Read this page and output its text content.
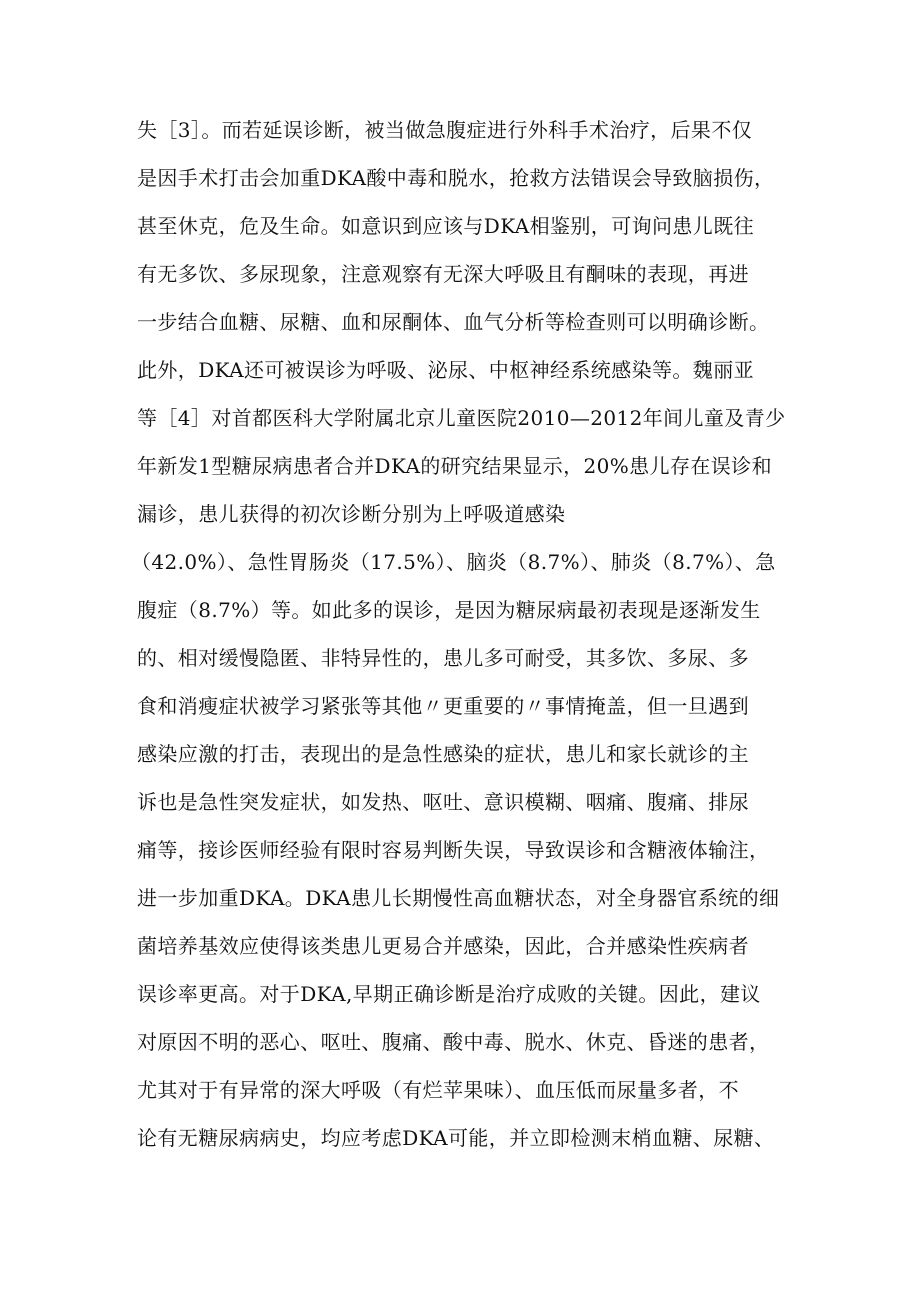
失［3］。而若延误诊断，被当做急腹症进行外科手术治疗，后果不仅
是因手术打击会加重DKA酸中毒和脱水，抢救方法错误会导致脑损伤，
甚至休克，危及生命。如意识到应该与DKA相鉴别，可询问患儿既往
有无多饮、多尿现象，注意观察有无深大呼吸且有酮味的表现，再进
一步结合血糖、尿糖、血和尿酮体、血气分析等检查则可以明确诊断。
此外，DKA还可被误诊为呼吸、泌尿、中枢神经系统感染等。魏丽亚
等［4］对首都医科大学附属北京儿童医院2010—2012年间儿童及青少
年新发1型糖尿病患者合并DKA的研究结果显示，20%患儿存在误诊和
漏诊，患儿获得的初次诊断分别为上呼吸道感染
（42.0%）、急性胃肠炎（17.5%）、脑炎（8.7%）、肺炎（8.7%）、急
腹症（8.7%）等。如此多的误诊，是因为糖尿病最初表现是逐渐发生
的、相对缓慢隐匿、非特异性的，患儿多可耐受，其多饮、多尿、多
食和消瘦症状被学习紧张等其他〃更重要的〃事情掩盖，但一旦遇到
感染应激的打击，表现出的是急性感染的症状，患儿和家长就诊的主
诉也是急性突发症状，如发热、呕吐、意识模糊、咽痛、腹痛、排尿
痛等，接诊医师经验有限时容易判断失误，导致误诊和含糖液体输注，
进一步加重DKA。DKA患儿长期慢性高血糖状态，对全身器官系统的细
菌培养基效应使得该类患儿更易合并感染，因此，合并感染性疾病者
误诊率更高。对于DKA,早期正确诊断是治疗成败的关键。因此，建议
对原因不明的恶心、呕吐、腹痛、酸中毒、脱水、休克、昏迷的患者，
尤其对于有异常的深大呼吸（有烂苹果味）、血压低而尿量多者，不
论有无糖尿病病史，均应考虑DKA可能，并立即检测末梢血糖、尿糖、
